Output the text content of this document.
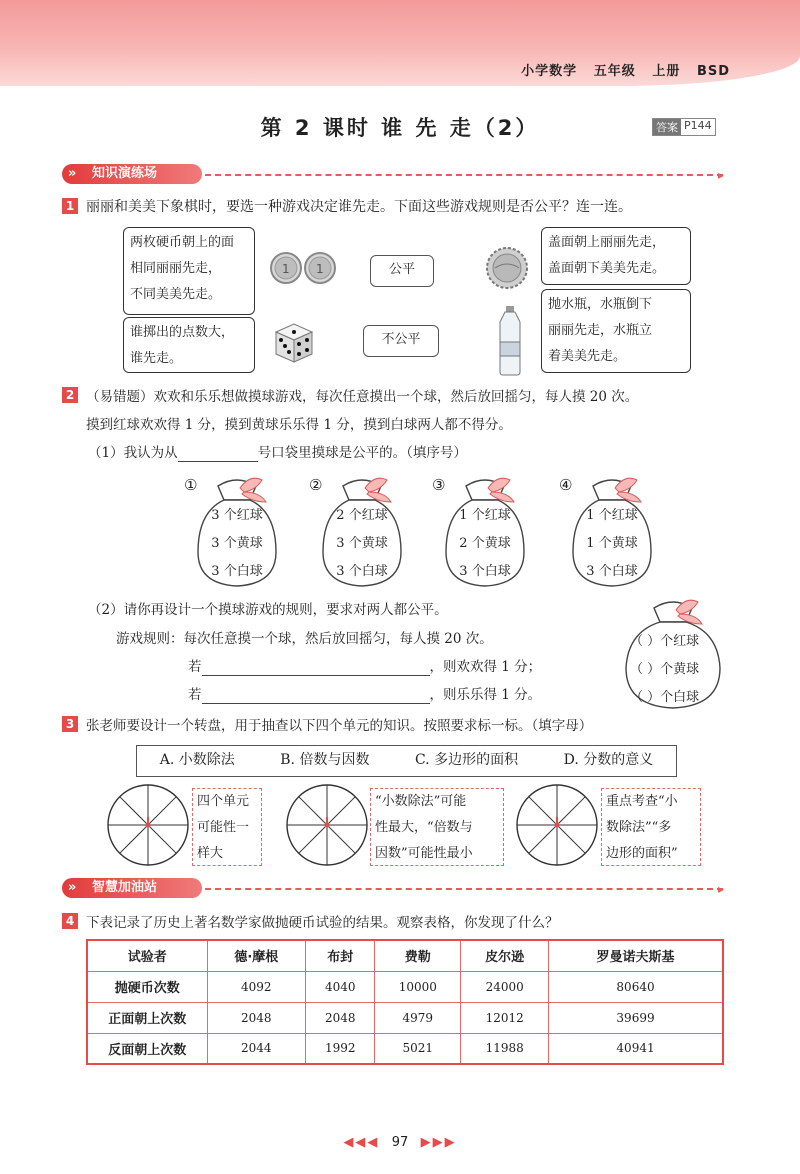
小学数学 五年级 上册 BSD
第 2 课时 谁 先 走（2）	答案 P144
知识演练场
»	▸
1 丽丽和美美下象棋时，要选一种游戏决定谁先走。下面这些游戏规则是否公平？连一连。
两枚硬币朝上的面
相同丽丽先走，
不同美美先走。
谁掷出的点数大，
谁先走。
1 1	公平
不公平
盖面朝上丽丽先走，
盖面朝下美美先走。
抛水瓶，水瓶倒下
丽丽先走，水瓶立
着美美先走。
2 （易错题）欢欢和乐乐想做摸球游戏，每次任意摸出一个球，然后放回摇匀，每人摸 20 次。
摸到红球欢欢得 1 分，摸到黄球乐乐得 1 分，摸到白球两人都不得分。
（1）我认为从	号口袋里摸球是公平的。（填序号）
①
3 个红球
3 个黄球
3 个白球
②
2 个红球
3 个黄球
3 个白球
③
1 个红球
2 个黄球
3 个白球
④
1 个红球
1 个黄球
3 个白球
（2）请你再设计一个摸球游戏的规则，要求对两人都公平。
游戏规则：每次任意摸一个球，然后放回摇匀，每人摸 20 次。
若	，则欢欢得 1 分；
若	，则乐乐得 1 分。
（ ）个红球
（ ）个黄球
（ ）个白球
3 张老师要设计一个转盘，用于抽查以下四个单元的知识。按照要求标一标。（填字母）
A. 小数除法	B. 倍数与因数	C. 多边形的面积	D. 分数的意义
四个单元
可能性一
样大
“小数除法”可能
性最大，“倍数与
因数”可能性最小
重点考查“小
数除法”“多
边形的面积”
智慧加油站
»	▸
4 下表记录了历史上著名数学家做抛硬币试验的结果。观察表格，你发现了什么？
试验者	德·摩根	布封	费勒	皮尔逊	罗曼诺夫斯基
抛硬币次数	4092	4040	10000	24000	80640
正面朝上次数	2048	2048	4979	12012	39699
反面朝上次数	2044	1992	5021	11988	40941
◀◀◀ 97 ▶▶▶
